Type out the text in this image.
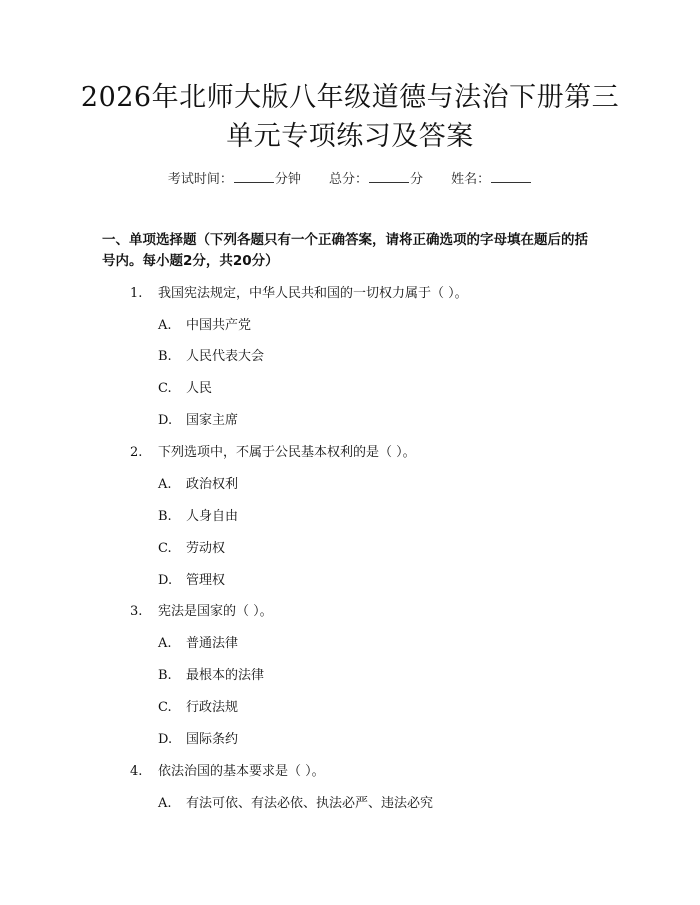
2026年北师大版八年级道德与法治下册第三
单元专项练习及答案
考试时间：	分钟 总分：	分 姓名：
一、单项选择题（下列各题只有一个正确答案，请将正确选项的字母填在题后的括号内。每小题2分，共20分）
1. 我国宪法规定，中华人民共和国的一切权力属于（ ）。
A. 中国共产党
B. 人民代表大会
C. 人民
D. 国家主席
2. 下列选项中，不属于公民基本权利的是（ ）。
A. 政治权利
B. 人身自由
C. 劳动权
D. 管理权
3. 宪法是国家的（ ）。
A. 普通法律
B. 最根本的法律
C. 行政法规
D. 国际条约
4. 依法治国的基本要求是（ ）。
A. 有法可依、有法必依、执法必严、违法必究
